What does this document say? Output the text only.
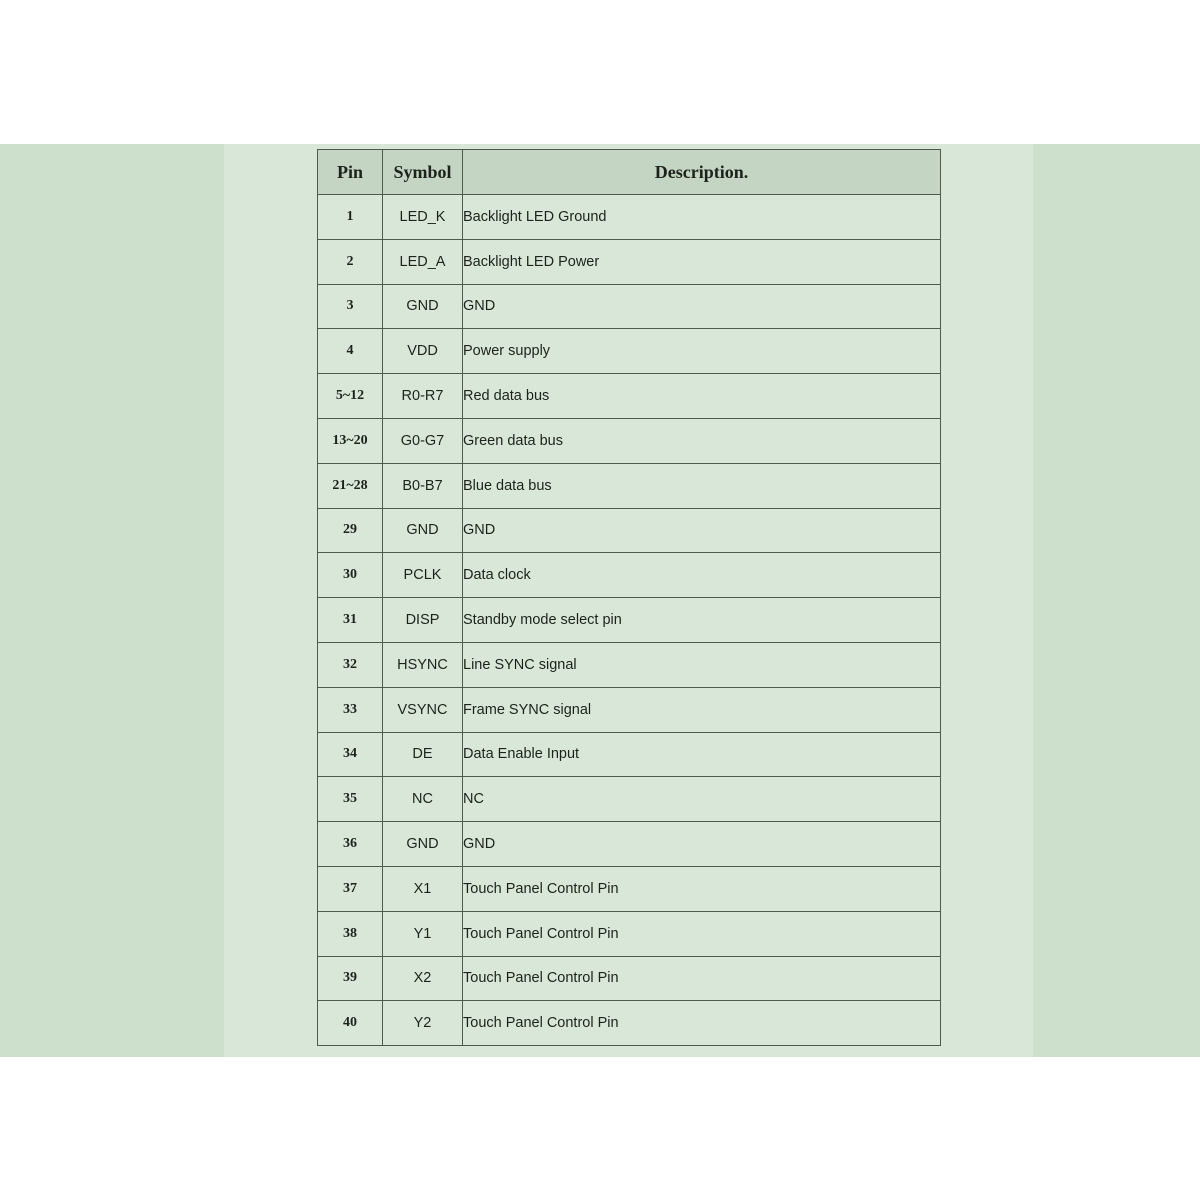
Pin	Symbol	Description.
1	LED_K	Backlight LED Ground
2	LED_A	Backlight LED Power
3	GND	GND
4	VDD	Power supply
5~12	R0-R7	Red data bus
13~20	G0-G7	Green data bus
21~28	B0-B7	Blue data bus
29	GND	GND
30	PCLK	Data clock
31	DISP	Standby mode select pin
32	HSYNC	Line SYNC signal
33	VSYNC	Frame SYNC signal
34	DE	Data Enable Input
35	NC	NC
36	GND	GND
37	X1	Touch Panel Control Pin
38	Y1	Touch Panel Control Pin
39	X2	Touch Panel Control Pin
40	Y2	Touch Panel Control Pin
